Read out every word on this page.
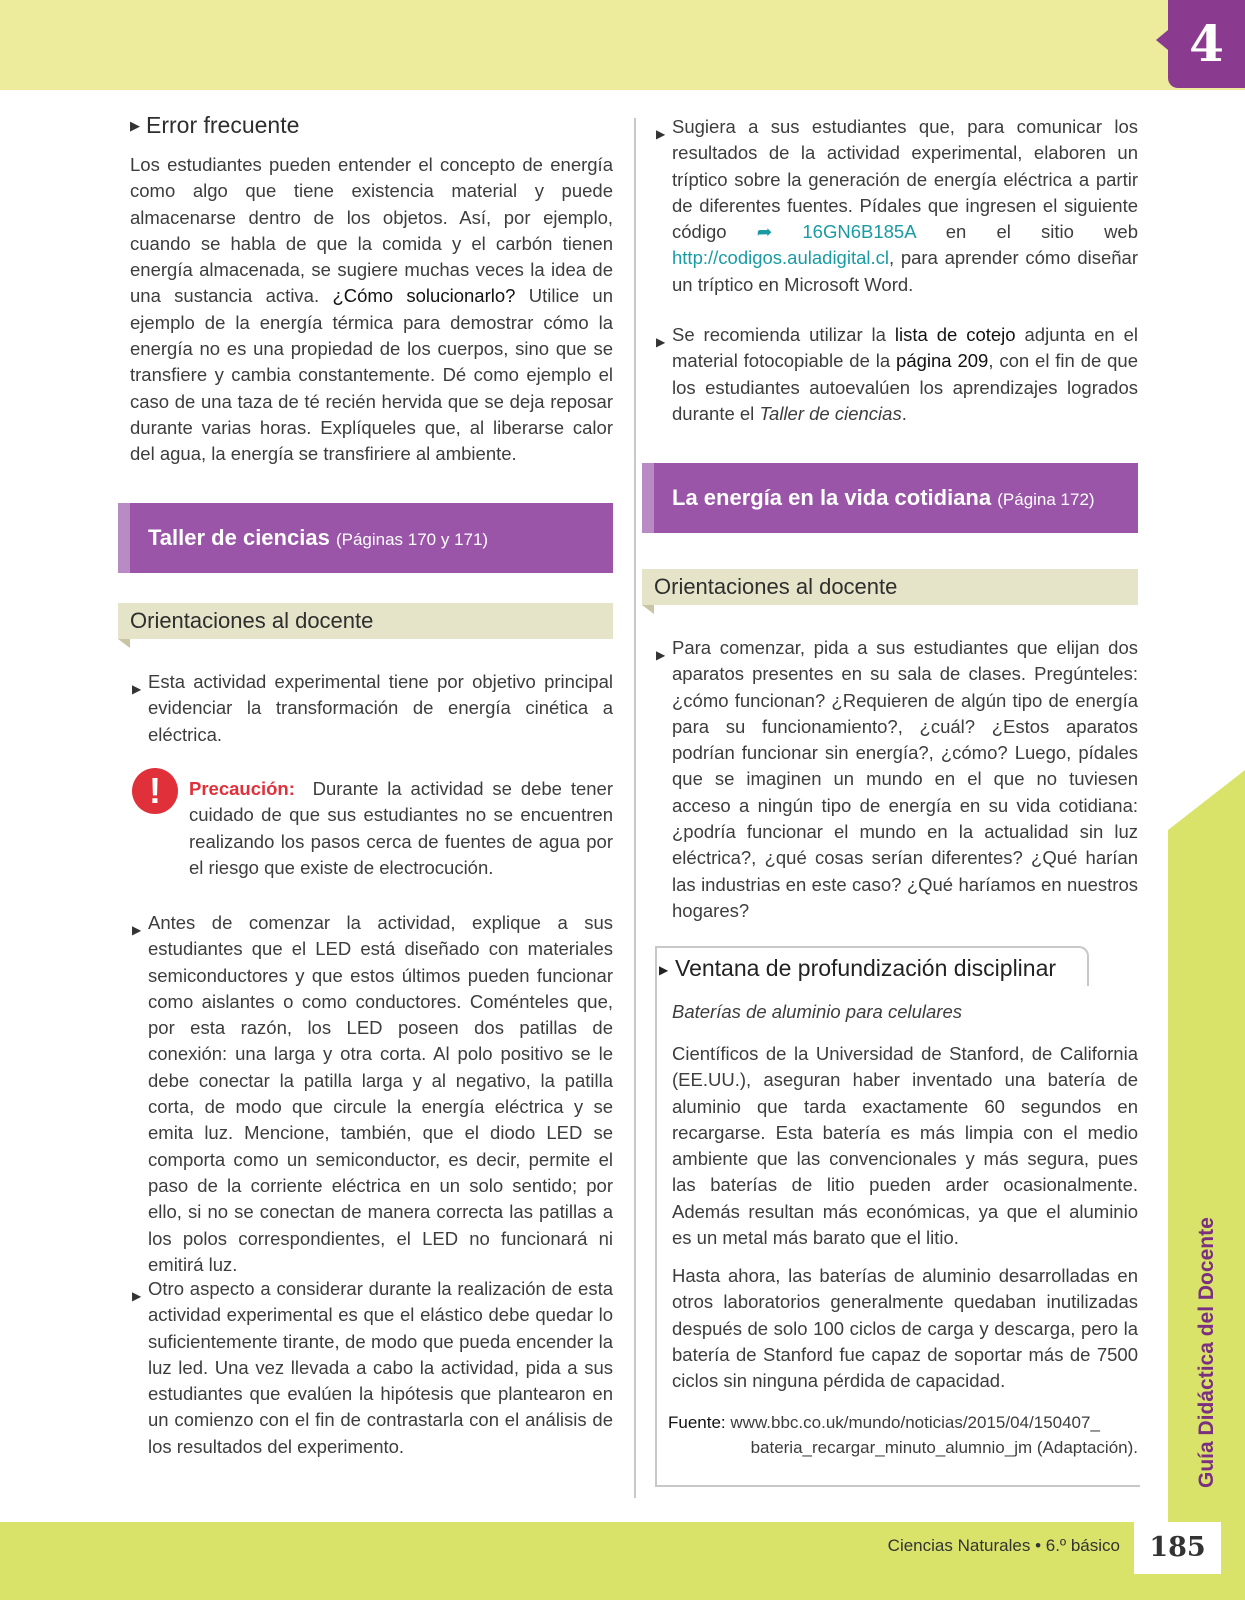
4
Guía Didáctica del Docente
Ciencias Naturales • 6.º básico	185
▶ Error frecuente

Los estudiantes pueden entender el concepto de energía como algo que tiene existencia material y puede almacenarse dentro de los objetos. Así, por ejemplo, cuando se habla de que la comida y el carbón tienen energía almacenada, se sugiere muchas veces la idea de una sustancia activa. ¿Cómo solucionarlo? Utilice un ejemplo de la energía térmica para demostrar cómo la energía no es una propiedad de los cuerpos, sino que se transfiere y cambia constantemente. Dé como ejemplo el caso de una taza de té recién hervida que se deja reposar durante varias horas. Explíqueles que, al liberarse calor del agua, la energía se transfiriere al ambiente.

Taller de ciencias (Páginas 170 y 171)
Orientaciones al docente
▶ Esta actividad experimental tiene por objetivo principal evidenciar la transformación de energía cinética a eléctrica.

!	Precaución: Durante la actividad se debe tener cuidado de que sus estudiantes no se encuentren realizando los pasos cerca de fuentes de agua por el riesgo que existe de electrocución.

▶ Antes de comenzar la actividad, explique a sus estudiantes que el LED está diseñado con materiales semiconductores y que estos últimos pueden funcionar como aislantes o como conductores. Coménteles que, por esta razón, los LED poseen dos patillas de conexión: una larga y otra corta. Al polo positivo se le debe conectar la patilla larga y al negativo, la patilla corta, de modo que circule la energía eléctrica y se emita luz. Mencione, también, que el diodo LED se comporta como un semiconductor, es decir, permite el paso de la corriente eléctrica en un solo sentido; por ello, si no se conectan de manera correcta las patillas a los polos correspondientes, el LED no funcionará ni emitirá luz.

▶ Otro aspecto a considerar durante la realización de esta actividad experimental es que el elástico debe quedar lo suficientemente tirante, de modo que pueda encender la luz led. Una vez llevada a cabo la actividad, pida a sus estudiantes que evalúen la hipótesis que plantearon en un comienzo con el fin de contrastarla con el análisis de los resultados del experimento.

▶ Sugiera a sus estudiantes que, para comunicar los resultados de la actividad experimental, elaboren un tríptico sobre la generación de energía eléctrica a partir de diferentes fuentes. Pídales que ingresen el siguiente código ➦ 16GN6B185A en el sitio web http://codigos.auladigital.cl, para aprender cómo diseñar un tríptico en Microsoft Word.

▶ Se recomienda utilizar la lista de cotejo adjunta en el material fotocopiable de la página 209, con el fin de que los estudiantes autoevalúen los aprendizajes logrados durante el Taller de ciencias.

La energía en la vida cotidiana (Página 172)
Orientaciones al docente
▶ Para comenzar, pida a sus estudiantes que elijan dos aparatos presentes en su sala de clases. Pregúnteles: ¿cómo funcionan? ¿Requieren de algún tipo de energía para su funcionamiento?, ¿cuál? ¿Estos aparatos podrían funcionar sin energía?, ¿cómo? Luego, pídales que se imaginen un mundo en el que no tuviesen acceso a ningún tipo de energía en su vida cotidiana: ¿podría funcionar el mundo en la actualidad sin luz eléctrica?, ¿qué cosas serían diferentes? ¿Qué harían las industrias en este caso? ¿Qué haríamos en nuestros hogares?

▶ Ventana de profundización disciplinar
Baterías de aluminio para celulares

Científicos de la Universidad de Stanford, de California (EE.UU.), aseguran haber inventado una batería de aluminio que tarda exactamente 60 segundos en recargarse. Esta batería es más limpia con el medio ambiente que las convencionales y más segura, pues las baterías de litio pueden arder ocasionalmente. Además resultan más económicas, ya que el aluminio es un metal más barato que el litio.

Hasta ahora, las baterías de aluminio desarrolladas en otros laboratorios generalmente quedaban inutilizadas después de solo 100 ciclos de carga y descarga, pero la batería de Stanford fue capaz de soportar más de 7500 ciclos sin ninguna pérdida de capacidad.

Fuente: www.bbc.co.uk/mundo/noticias/2015/04/150407_
bateria_recargar_minuto_alumnio_jm (Adaptación).
